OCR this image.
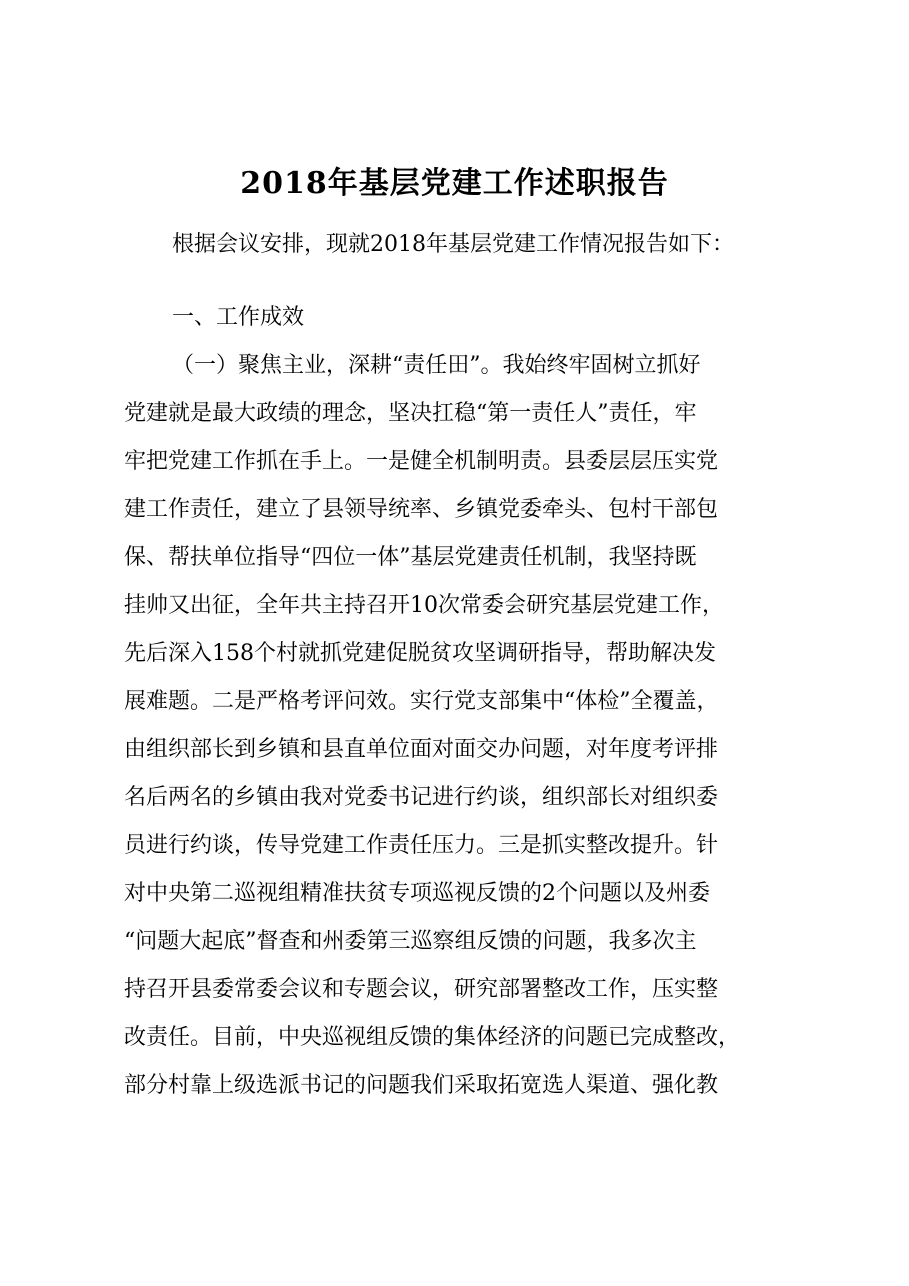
2018年基层党建工作述职报告
根据会议安排，现就2018年基层党建工作情况报告如下：
一、工作成效
（一）聚焦主业，深耕“责任田”。我始终牢固树立抓好
党建就是最大政绩的理念，坚决扛稳“第一责任人”责任，牢
牢把党建工作抓在手上。一是健全机制明责。县委层层压实党
建工作责任，建立了县领导统率、乡镇党委牵头、包村干部包
保、帮扶单位指导“四位一体”基层党建责任机制，我坚持既
挂帅又出征，全年共主持召开10次常委会研究基层党建工作，
先后深入158个村就抓党建促脱贫攻坚调研指导，帮助解决发
展难题。二是严格考评问效。实行党支部集中“体检”全覆盖，
由组织部长到乡镇和县直单位面对面交办问题，对年度考评排
名后两名的乡镇由我对党委书记进行约谈，组织部长对组织委
员进行约谈，传导党建工作责任压力。三是抓实整改提升。针
对中央第二巡视组精准扶贫专项巡视反馈的2个问题以及州委
“问题大起底”督查和州委第三巡察组反馈的问题，我多次主
持召开县委常委会议和专题会议，研究部署整改工作，压实整
改责任。目前，中央巡视组反馈的集体经济的问题已完成整改，
部分村靠上级选派书记的问题我们采取拓宽选人渠道、强化教
